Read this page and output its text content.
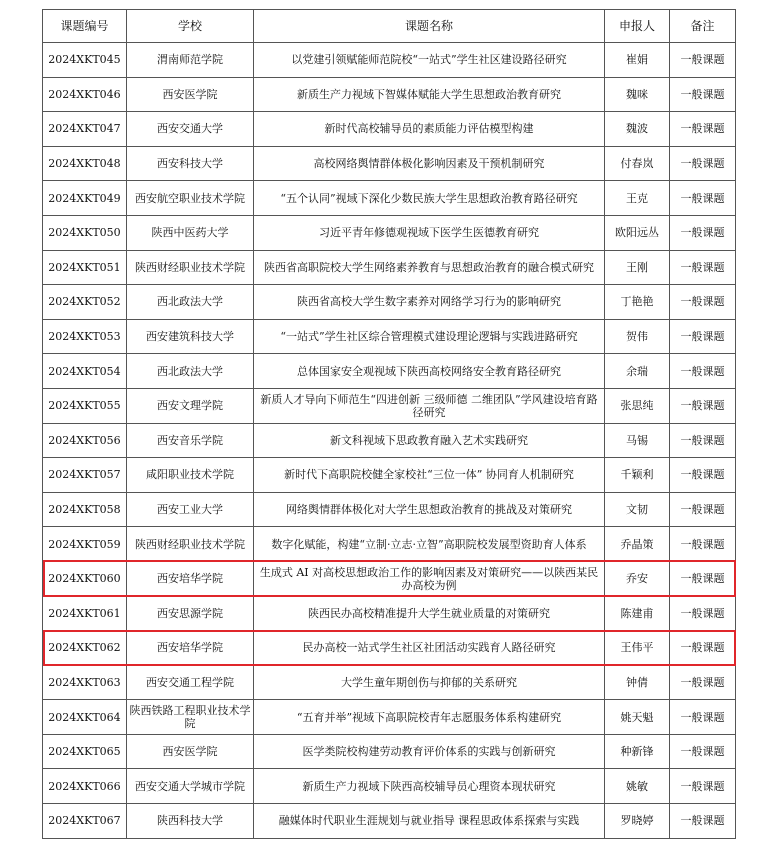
课题编号	学校	课题名称	申报人	备注
2024XKT045	渭南师范学院	以党建引领赋能师范院校“一站式”学生社区建设路径研究	崔娟	一般课题
2024XKT046	西安医学院	新质生产力视域下智媒体赋能大学生思想政治教育研究	魏咪	一般课题
2024XKT047	西安交通大学	新时代高校辅导员的素质能力评估模型构建	魏波	一般课题
2024XKT048	西安科技大学	高校网络舆情群体极化影响因素及干预机制研究	付春岚	一般课题
2024XKT049	西安航空职业技术学院	“五个认同”视域下深化少数民族大学生思想政治教育路径研究	王克	一般课题
2024XKT050	陕西中医药大学	习近平青年修德观视域下医学生医德教育研究	欧阳远丛	一般课题
2024XKT051	陕西财经职业技术学院	陕西省高职院校大学生网络素养教育与思想政治教育的融合模式研究	王刚	一般课题
2024XKT052	西北政法大学	陕西省高校大学生数字素养对网络学习行为的影响研究	丁艳艳	一般课题
2024XKT053	西安建筑科技大学	“一站式”学生社区综合管理模式建设理论逻辑与实践进路研究	贺伟	一般课题
2024XKT054	西北政法大学	总体国家安全观视域下陕西高校网络安全教育路径研究	余瑞	一般课题
2024XKT055	西安文理学院	新质人才导向下师范生“四进创新 三级师德 二维团队”学风建设培育路径研究	张思纯	一般课题
2024XKT056	西安音乐学院	新文科视域下思政教育融入艺术实践研究	马锡	一般课题
2024XKT057	咸阳职业技术学院	新时代下高职院校健全家校社“三位一体” 协同育人机制研究	千颖利	一般课题
2024XKT058	西安工业大学	网络舆情群体极化对大学生思想政治教育的挑战及对策研究	文韧	一般课题
2024XKT059	陕西财经职业技术学院	数字化赋能，构建“立制·立志·立智”高职院校发展型资助育人体系	乔晶策	一般课题
2024XKT060	西安培华学院	生成式 AI 对高校思想政治工作的影响因素及对策研究——以陕西某民办高校为例	乔安	一般课题
2024XKT061	西安思源学院	陕西民办高校精准提升大学生就业质量的对策研究	陈建甫	一般课题
2024XKT062	西安培华学院	民办高校一站式学生社区社团活动实践育人路径研究	王伟平	一般课题
2024XKT063	西安交通工程学院	大学生童年期创伤与抑郁的关系研究	钟倩	一般课题
2024XKT064	陕西铁路工程职业技术学院	“五育并举”视域下高职院校青年志愿服务体系构建研究	姚天魁	一般课题
2024XKT065	西安医学院	医学类院校构建劳动教育评价体系的实践与创新研究	种新锋	一般课题
2024XKT066	西安交通大学城市学院	新质生产力视域下陕西高校辅导员心理资本现状研究	姚敏	一般课题
2024XKT067	陕西科技大学	融媒体时代职业生涯规划与就业指导 课程思政体系探索与实践	罗晓婷	一般课题
